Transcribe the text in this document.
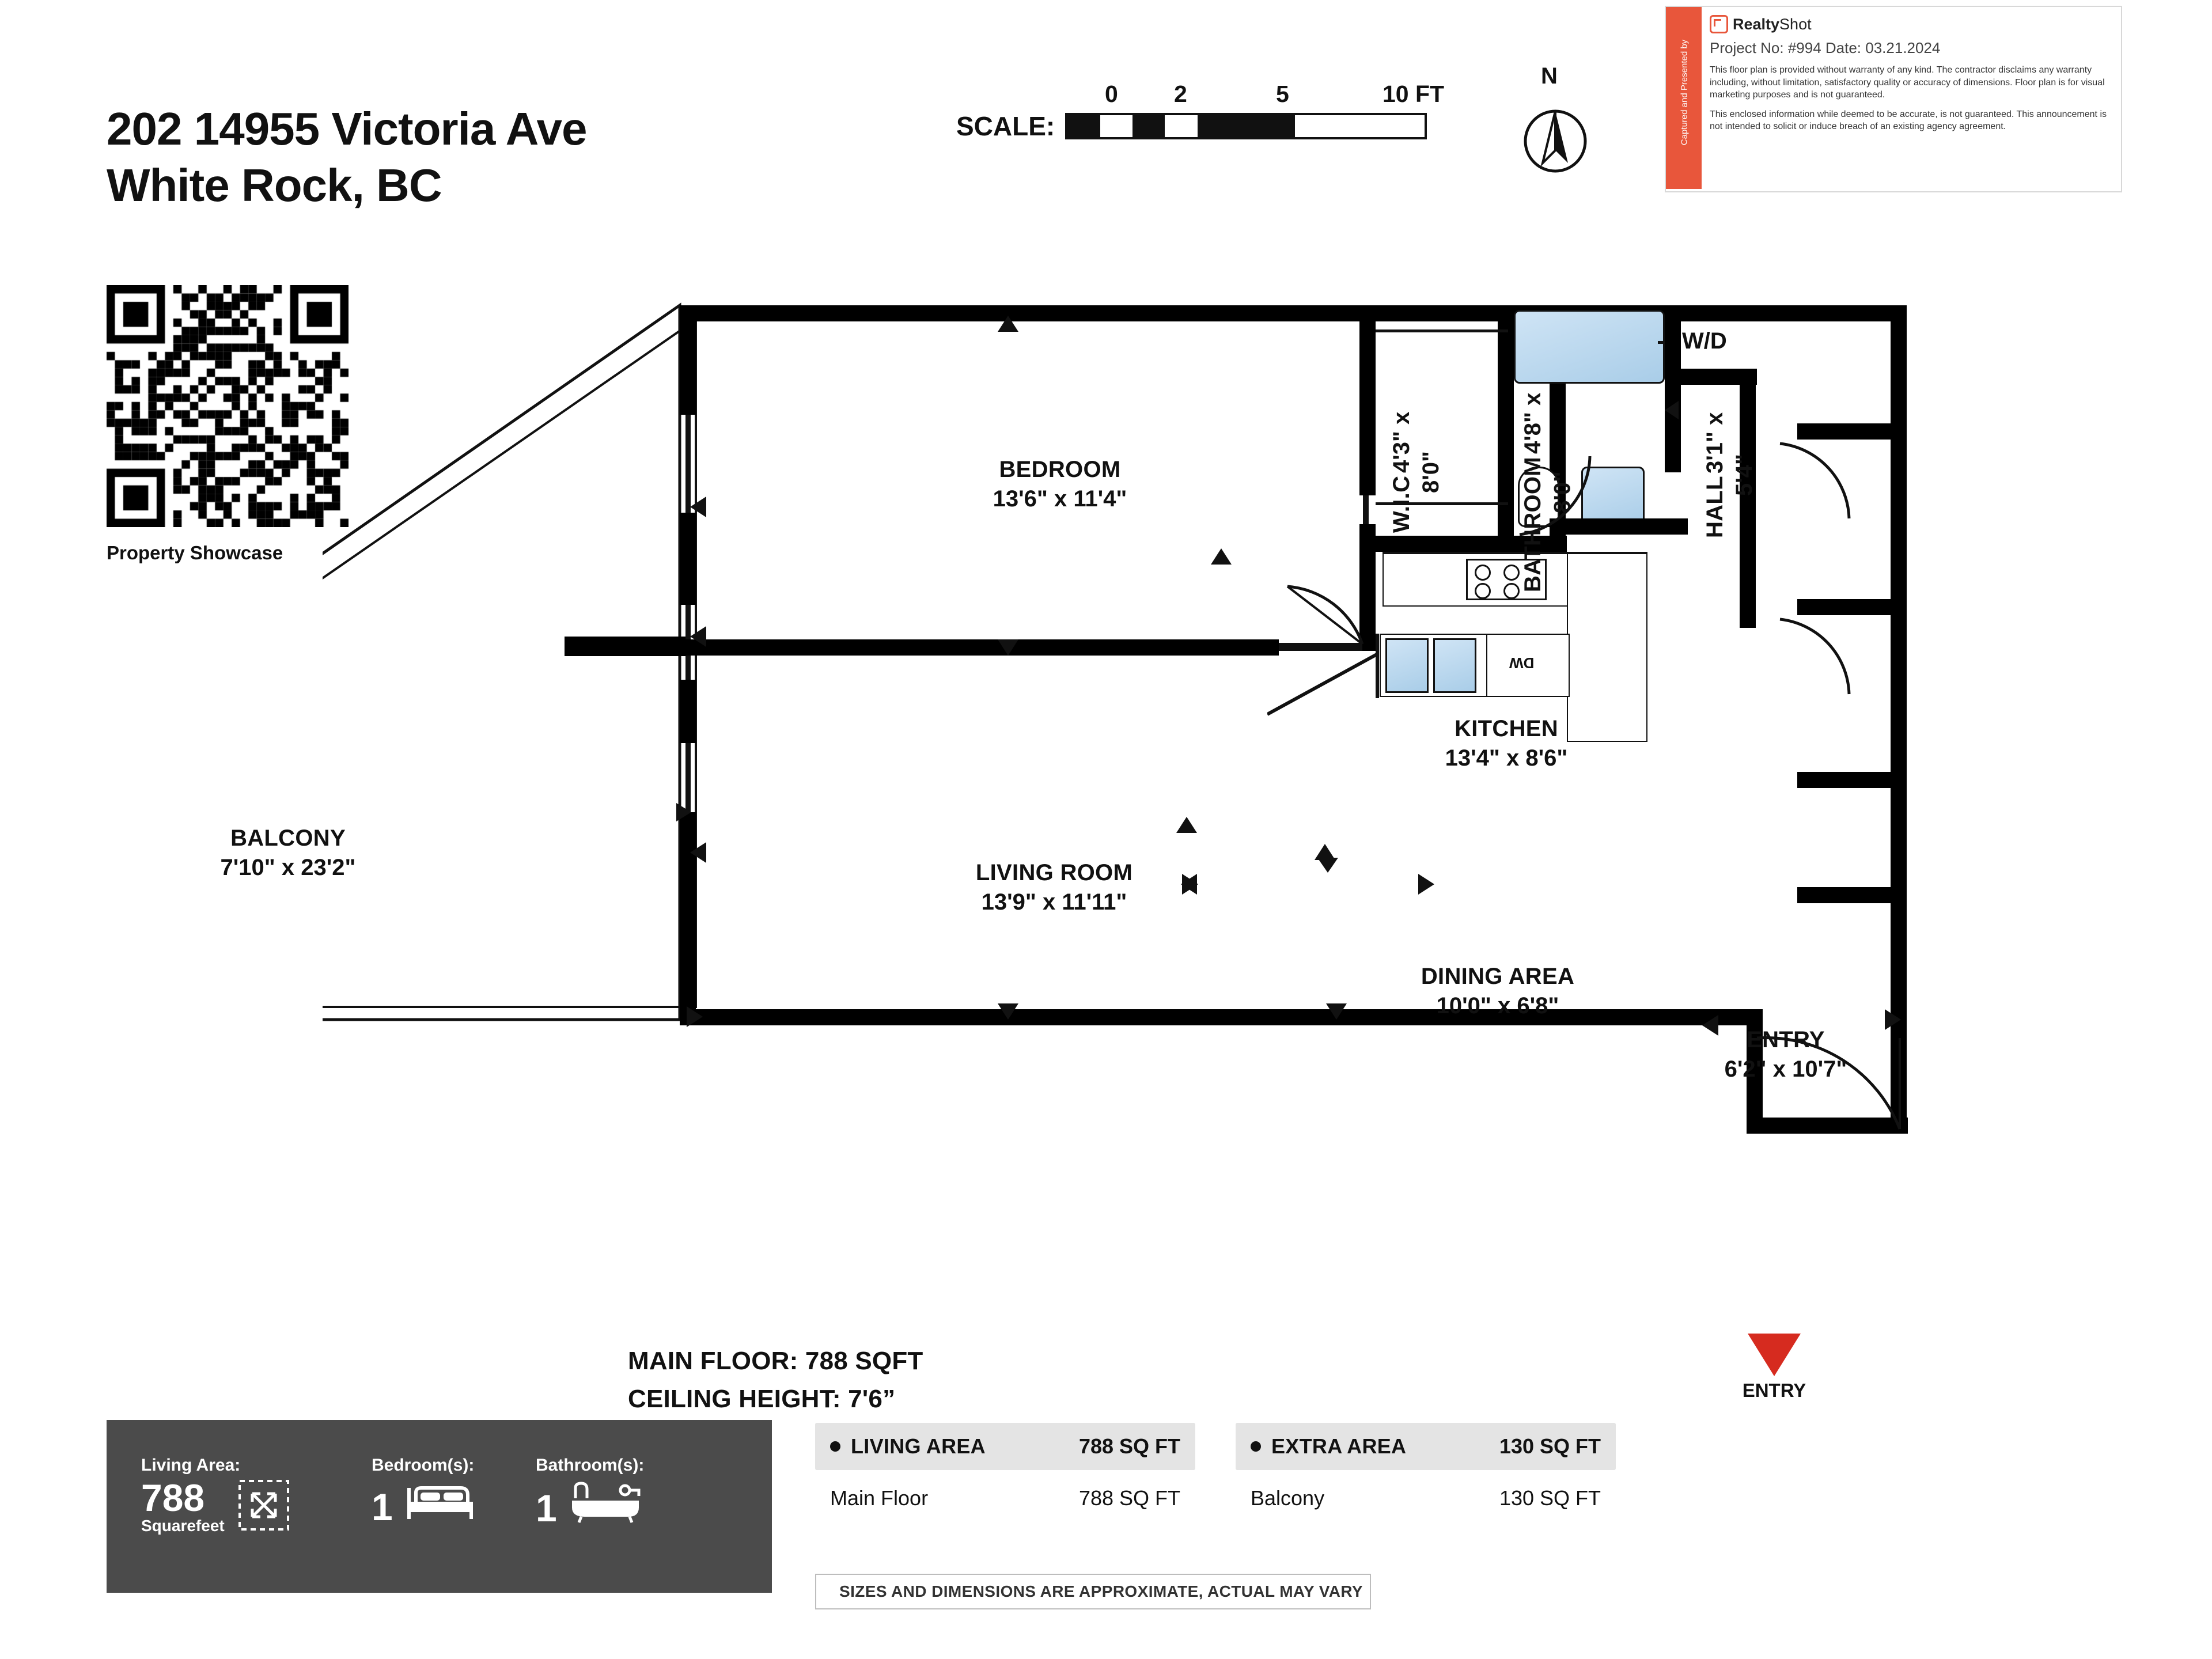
202 14955 Victoria Ave
White Rock, BC
Property Showcase
0 2	5	10 FT
SCALE:
N	Captured and Presented by
RealtyShot
Project No: #994 Date: 03.21.2024
This floor plan is provided without warranty of any kind. The contractor disclaims any warranty including, without limitation, satisfactory quality or accuracy of dimensions. Floor plan is for visual marketing purposes and is not guaranteed.
This enclosed information while deemed to be accurate, is not guaranteed. This announcement is not intended to solicit or induce breach of an existing agency agreement.
DW
W/D
BEDROOM
13'6" x 11'4"	W.I.C 4'3" x 8'0"	BATHROOM 4'8" x 8'0"	HALL 3'1" x 5'4"
KITCHEN
13'4" x 8'6"
LIVING ROOM
13'9" x 11'11"
DINING AREA
10'0" x 6'8"
ENTRY
6'2" x 10'7"
BALCONY
7'10" x 23'2"
MAIN FLOOR: 788 SQFT
CEILING HEIGHT: 7'6”	ENTRY
Living Area:
788
Squarefeet
Bedroom(s):
1
Bathroom(s):
1
LIVING AREA	788 SQ FT
Main Floor	788 SQ FT
EXTRA AREA	130 SQ FT
Balcony	130 SQ FT
SIZES AND DIMENSIONS ARE APPROXIMATE, ACTUAL MAY VARY
